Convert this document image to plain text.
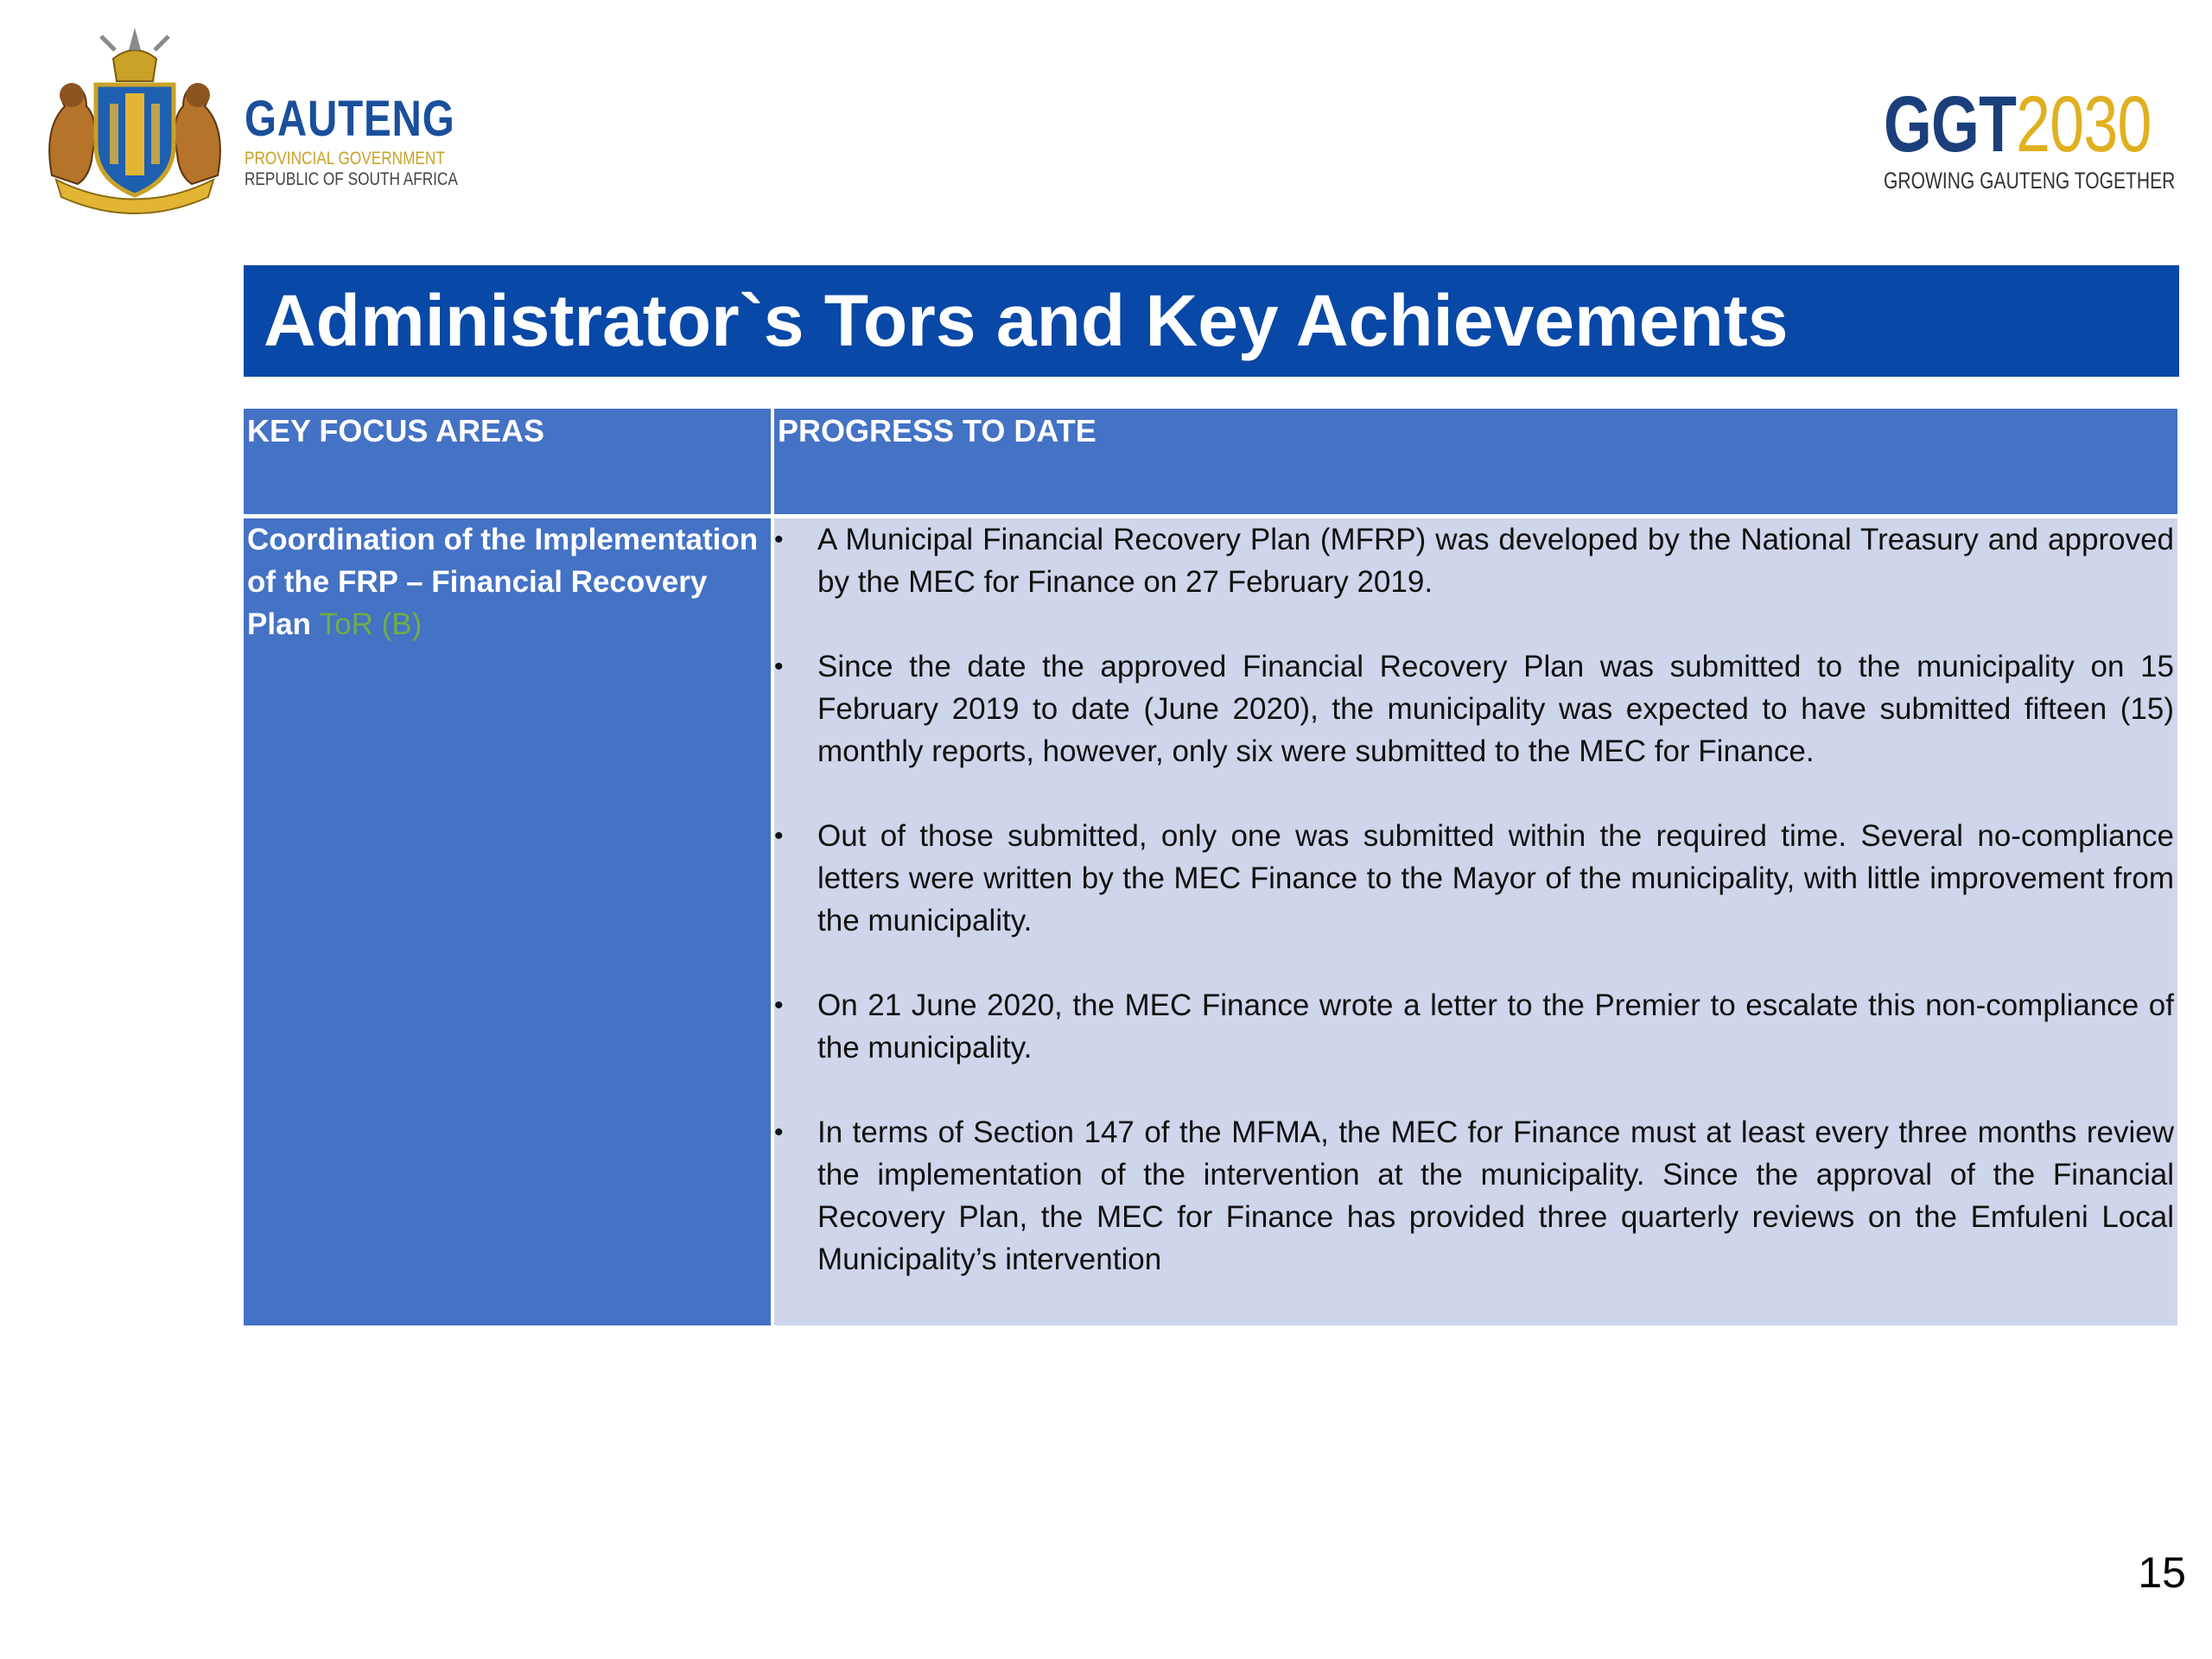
GAUTENG
PROVINCIAL GOVERNMENT
REPUBLIC OF SOUTH AFRICA
GGT2030
GROWING GAUTENG TOGETHER
Administrator`s Tors and Key Achievements
KEY FOCUS AREAS	PROGRESS TO DATE
Coordination of the Implementation of the FRP – Financial Recovery Plan ToR (B)
• A Municipal Financial Recovery Plan (MFRP) was developed by the National Treasury and approved by the MEC for Finance on 27 February 2019.
• Since the date the approved Financial Recovery Plan was submitted to the municipality on 15 February 2019 to date (June 2020), the municipality was expected to have submitted fifteen (15) monthly reports, however, only six were submitted to the MEC for Finance.
• Out of those submitted, only one was submitted within the required time. Several no-compliance letters were written by the MEC Finance to the Mayor of the municipality, with little improvement from the municipality.
• On 21 June 2020, the MEC Finance wrote a letter to the Premier to escalate this non-compliance of the municipality.
• In terms of Section 147 of the MFMA, the MEC for Finance must at least every three months review the implementation of the intervention at the municipality. Since the approval of the Financial Recovery Plan, the MEC for Finance has provided three quarterly reviews on the Emfuleni Local Municipality’s intervention
15
